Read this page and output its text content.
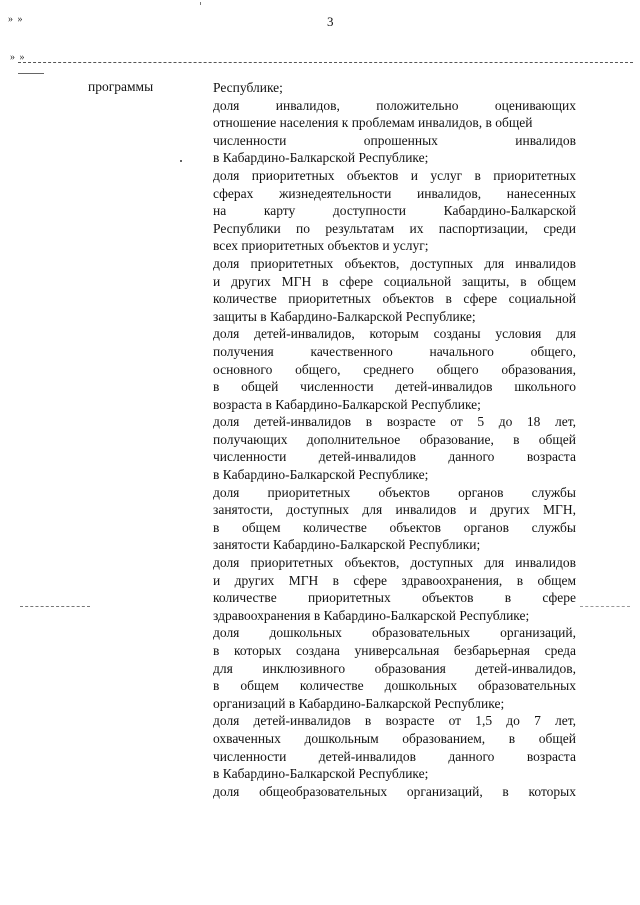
» »	3
» »
программы	Республике;
доля инвалидов, положительно оценивающих
отношение населения к проблемам инвалидов, в общей
численности опрошенных инвалидов
в Кабардино-Балкарской Республике;
доля приоритетных объектов и услуг в приоритетных
сферах жизнедеятельности инвалидов, нанесенных
на карту доступности Кабардино-Балкарской
Республики по результатам их паспортизации, среди
всех приоритетных объектов и услуг;
доля приоритетных объектов, доступных для инвалидов
и других МГН в сфере социальной защиты, в общем
количестве приоритетных объектов в сфере социальной
защиты в Кабардино-Балкарской Республике;
доля детей-инвалидов, которым созданы условия для
получения качественного начального общего,
основного общего, среднего общего образования,
в общей численности детей-инвалидов школьного
возраста в Кабардино-Балкарской Республике;
доля детей-инвалидов в возрасте от 5 до 18 лет,
получающих дополнительное образование, в общей
численности детей-инвалидов данного возраста
в Кабардино-Балкарской Республике;
доля приоритетных объектов органов службы
занятости, доступных для инвалидов и других МГН,
в общем количестве объектов органов службы
занятости Кабардино-Балкарской Республики;
доля приоритетных объектов, доступных для инвалидов
и других МГН в сфере здравоохранения, в общем
количестве приоритетных объектов в сфере
здравоохранения в Кабардино-Балкарской Республике;
доля дошкольных образовательных организаций,
в которых создана универсальная безбарьерная среда
для инклюзивного образования детей-инвалидов,
в общем количестве дошкольных образовательных
организаций в Кабардино-Балкарской Республике;
доля детей-инвалидов в возрасте от 1,5 до 7 лет,
охваченных дошкольным образованием, в общей
численности детей-инвалидов данного возраста
в Кабардино-Балкарской Республике;
доля общеобразовательных организаций, в которых
